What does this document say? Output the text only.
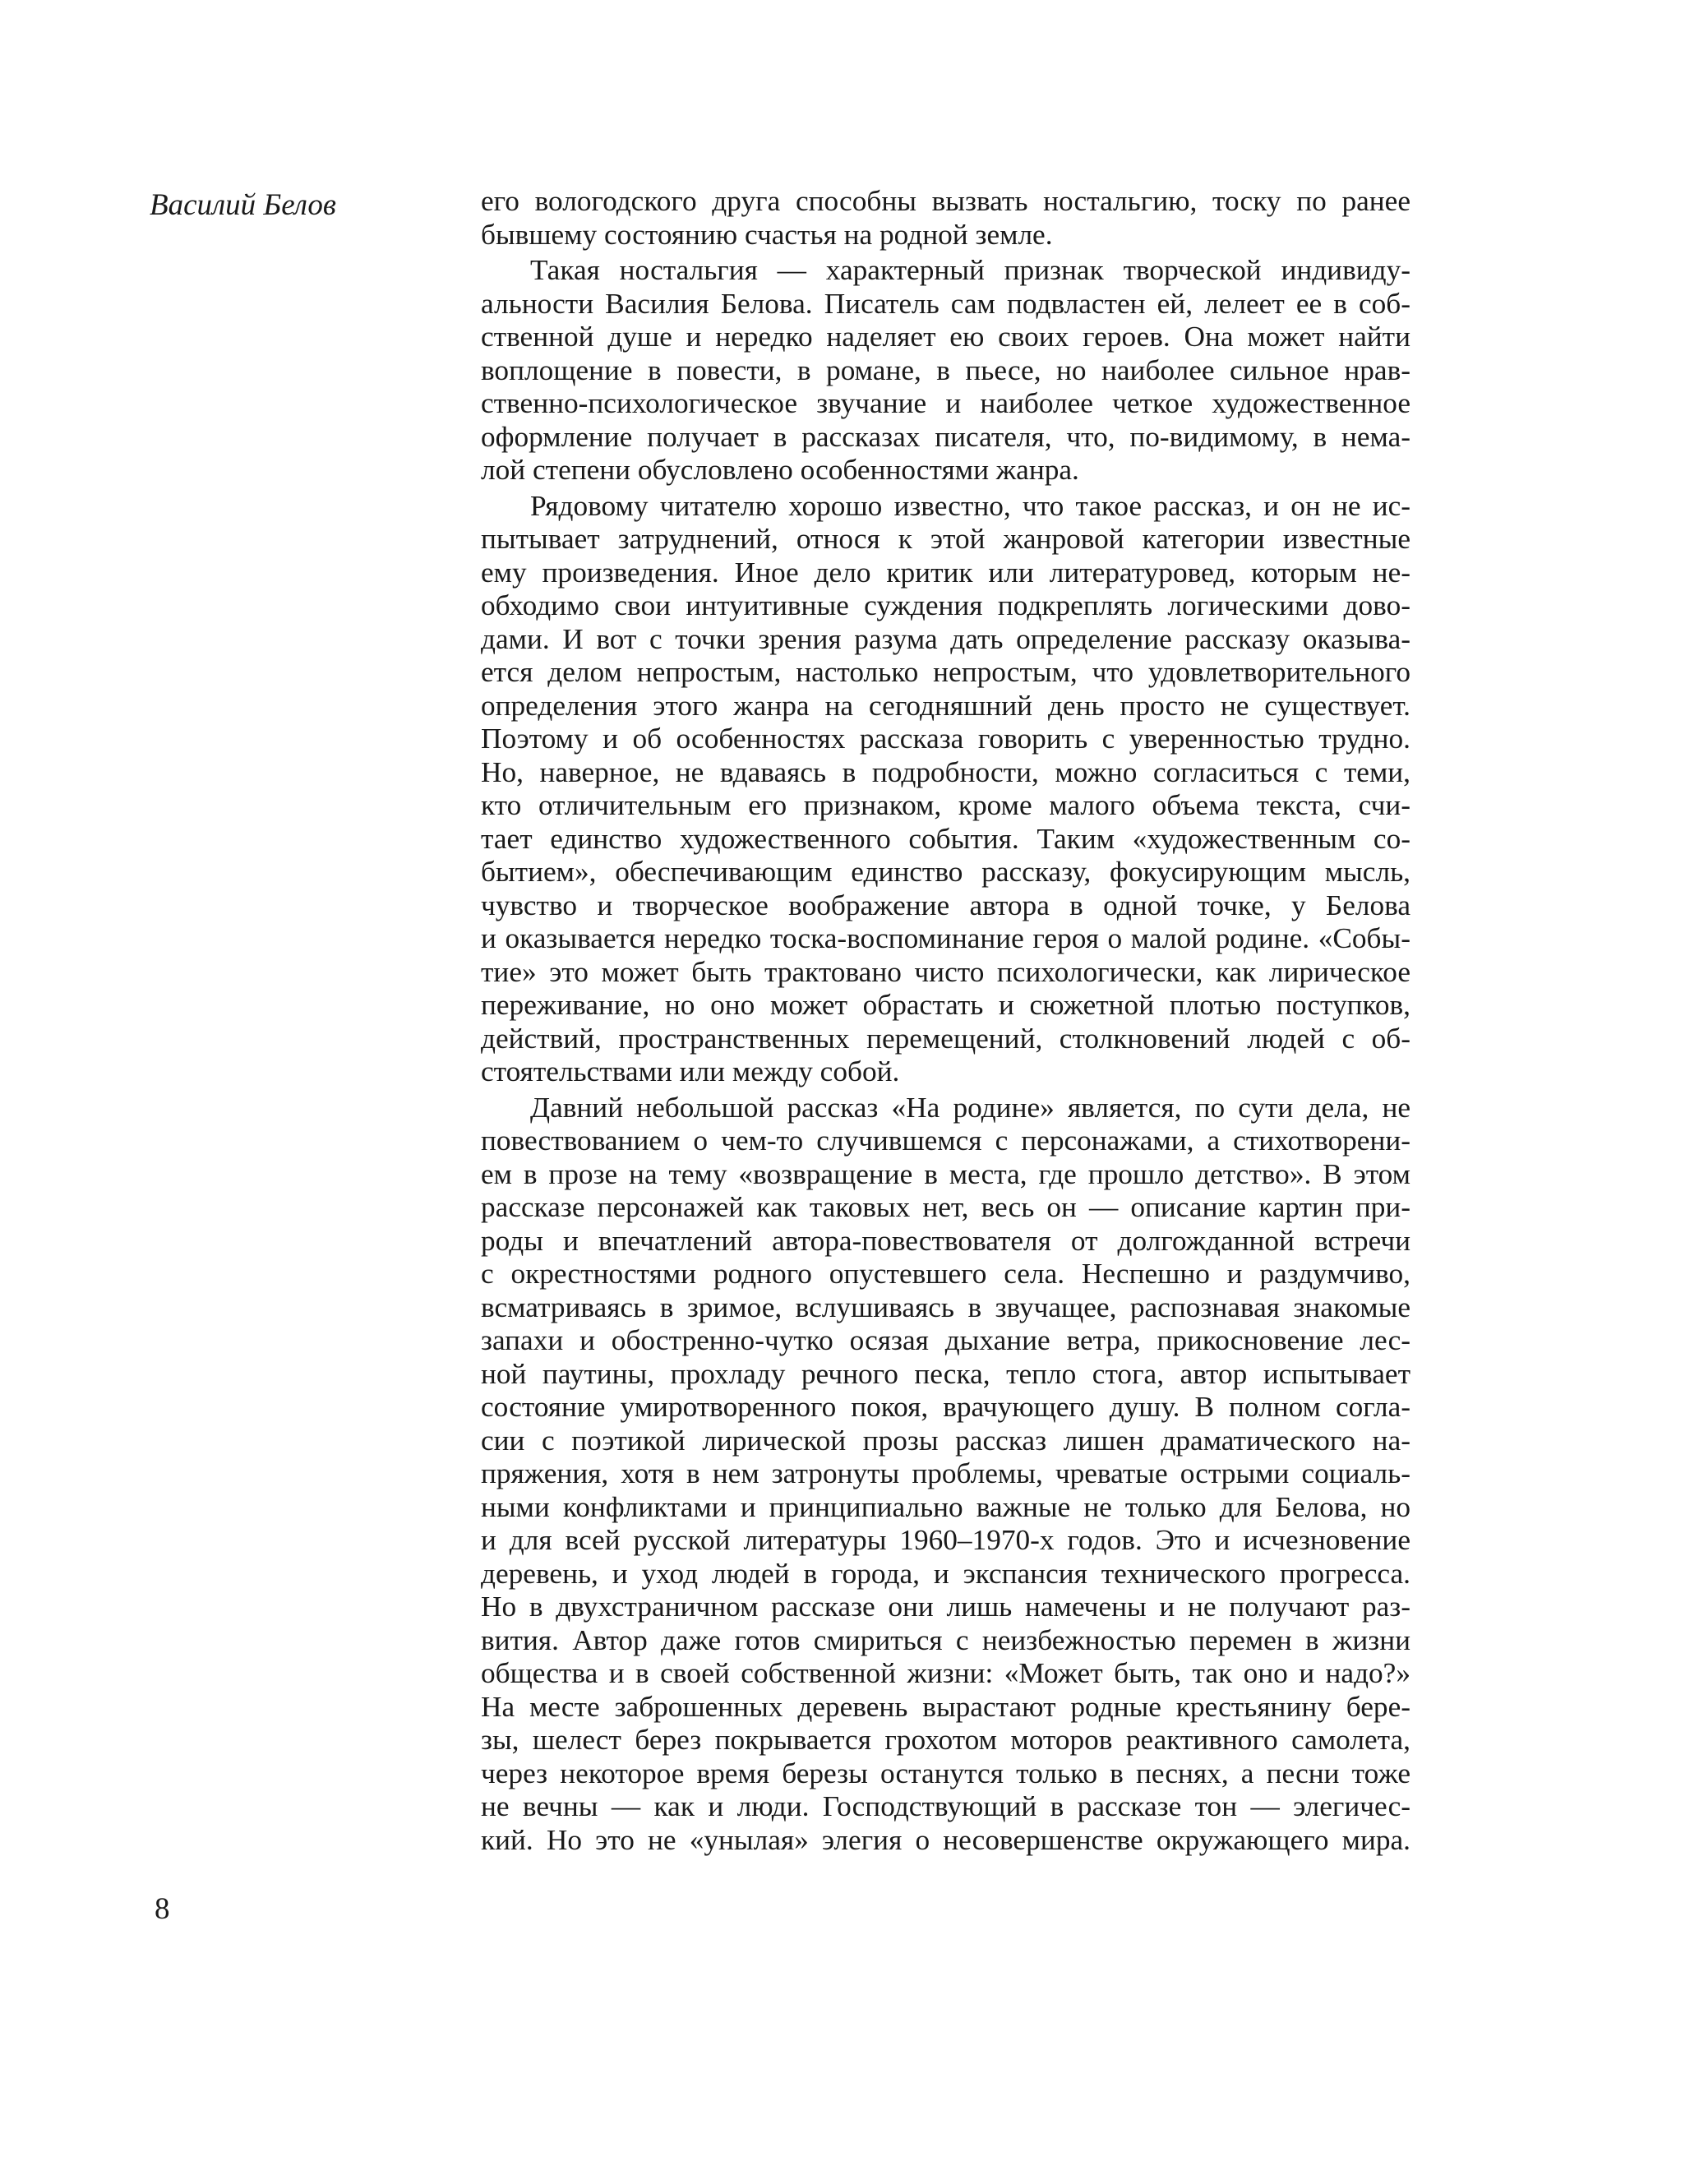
Василий Белов	его вологодского друга способны вызвать ностальгию, тоску по ранее
бывшему состоянию счастья на родной земле.
Такая ностальгия — характерный признак творческой индивиду-
альности Василия Белова. Писатель сам подвластен ей, лелеет ее в соб-
ственной душе и нередко наделяет ею своих героев. Она может найти
воплощение в повести, в романе, в пьесе, но наиболее сильное нрав-
ственно-психологическое звучание и наиболее четкое художественное
оформление получает в рассказах писателя, что, по-видимому, в нема-
лой степени обусловлено особенностями жанра.
Рядовому читателю хорошо известно, что такое рассказ, и он не ис-
пытывает затруднений, относя к этой жанровой категории известные
ему произведения. Иное дело критик или литературовед, которым не-
обходимо свои интуитивные суждения подкреплять логическими дово-
дами. И вот с точки зрения разума дать определение рассказу оказыва-
ется делом непростым, настолько непростым, что удовлетворительного
определения этого жанра на сегодняшний день просто не существует.
Поэтому и об особенностях рассказа говорить с уверенностью трудно.
Но, наверное, не вдаваясь в подробности, можно согласиться с теми,
кто отличительным его признаком, кроме малого объема текста, счи-
тает единство художественного события. Таким «художественным со-
бытием», обеспечивающим единство рассказу, фокусирующим мысль,
чувство и творческое воображение автора в одной точке, у Белова
и оказывается нередко тоска-воспоминание героя о малой родине. «Собы-
тие» это может быть трактовано чисто психологически, как лирическое
переживание, но оно может обрастать и сюжетной плотью поступков,
действий, пространственных перемещений, столкновений людей с об-
стоятельствами или между собой.
Давний небольшой рассказ «На родине» является, по сути дела, не
повествованием о чем-то случившемся с персонажами, а стихотворени-
ем в прозе на тему «возвращение в места, где прошло детство». В этом
рассказе персонажей как таковых нет, весь он — описание картин при-
роды и впечатлений автора-повествователя от долгожданной встречи
с окрестностями родного опустевшего села. Неспешно и раздумчиво,
всматриваясь в зримое, вслушиваясь в звучащее, распознавая знакомые
запахи и обостренно-чутко осязая дыхание ветра, прикосновение лес-
ной паутины, прохладу речного песка, тепло стога, автор испытывает
состояние умиротворенного покоя, врачующего душу. В полном согла-
сии с поэтикой лирической прозы рассказ лишен драматического на-
пряжения, хотя в нем затронуты проблемы, чреватые острыми социаль-
ными конфликтами и принципиально важные не только для Белова, но
и для всей русской литературы 1960–1970-х годов. Это и исчезновение
деревень, и уход людей в города, и экспансия технического прогресса.
Но в двухстраничном рассказе они лишь намечены и не получают раз-
вития. Автор даже готов смириться с неизбежностью перемен в жизни
общества и в своей собственной жизни: «Может быть, так оно и надо?»
На месте заброшенных деревень вырастают родные крестьянину бере-
зы, шелест берез покрывается грохотом моторов реактивного самолета,
через некоторое время березы останутся только в песнях, а песни тоже
не вечны — как и люди. Господствующий в рассказе тон — элегичес-
кий. Но это не «унылая» элегия о несовершенстве окружающего мира.
8
